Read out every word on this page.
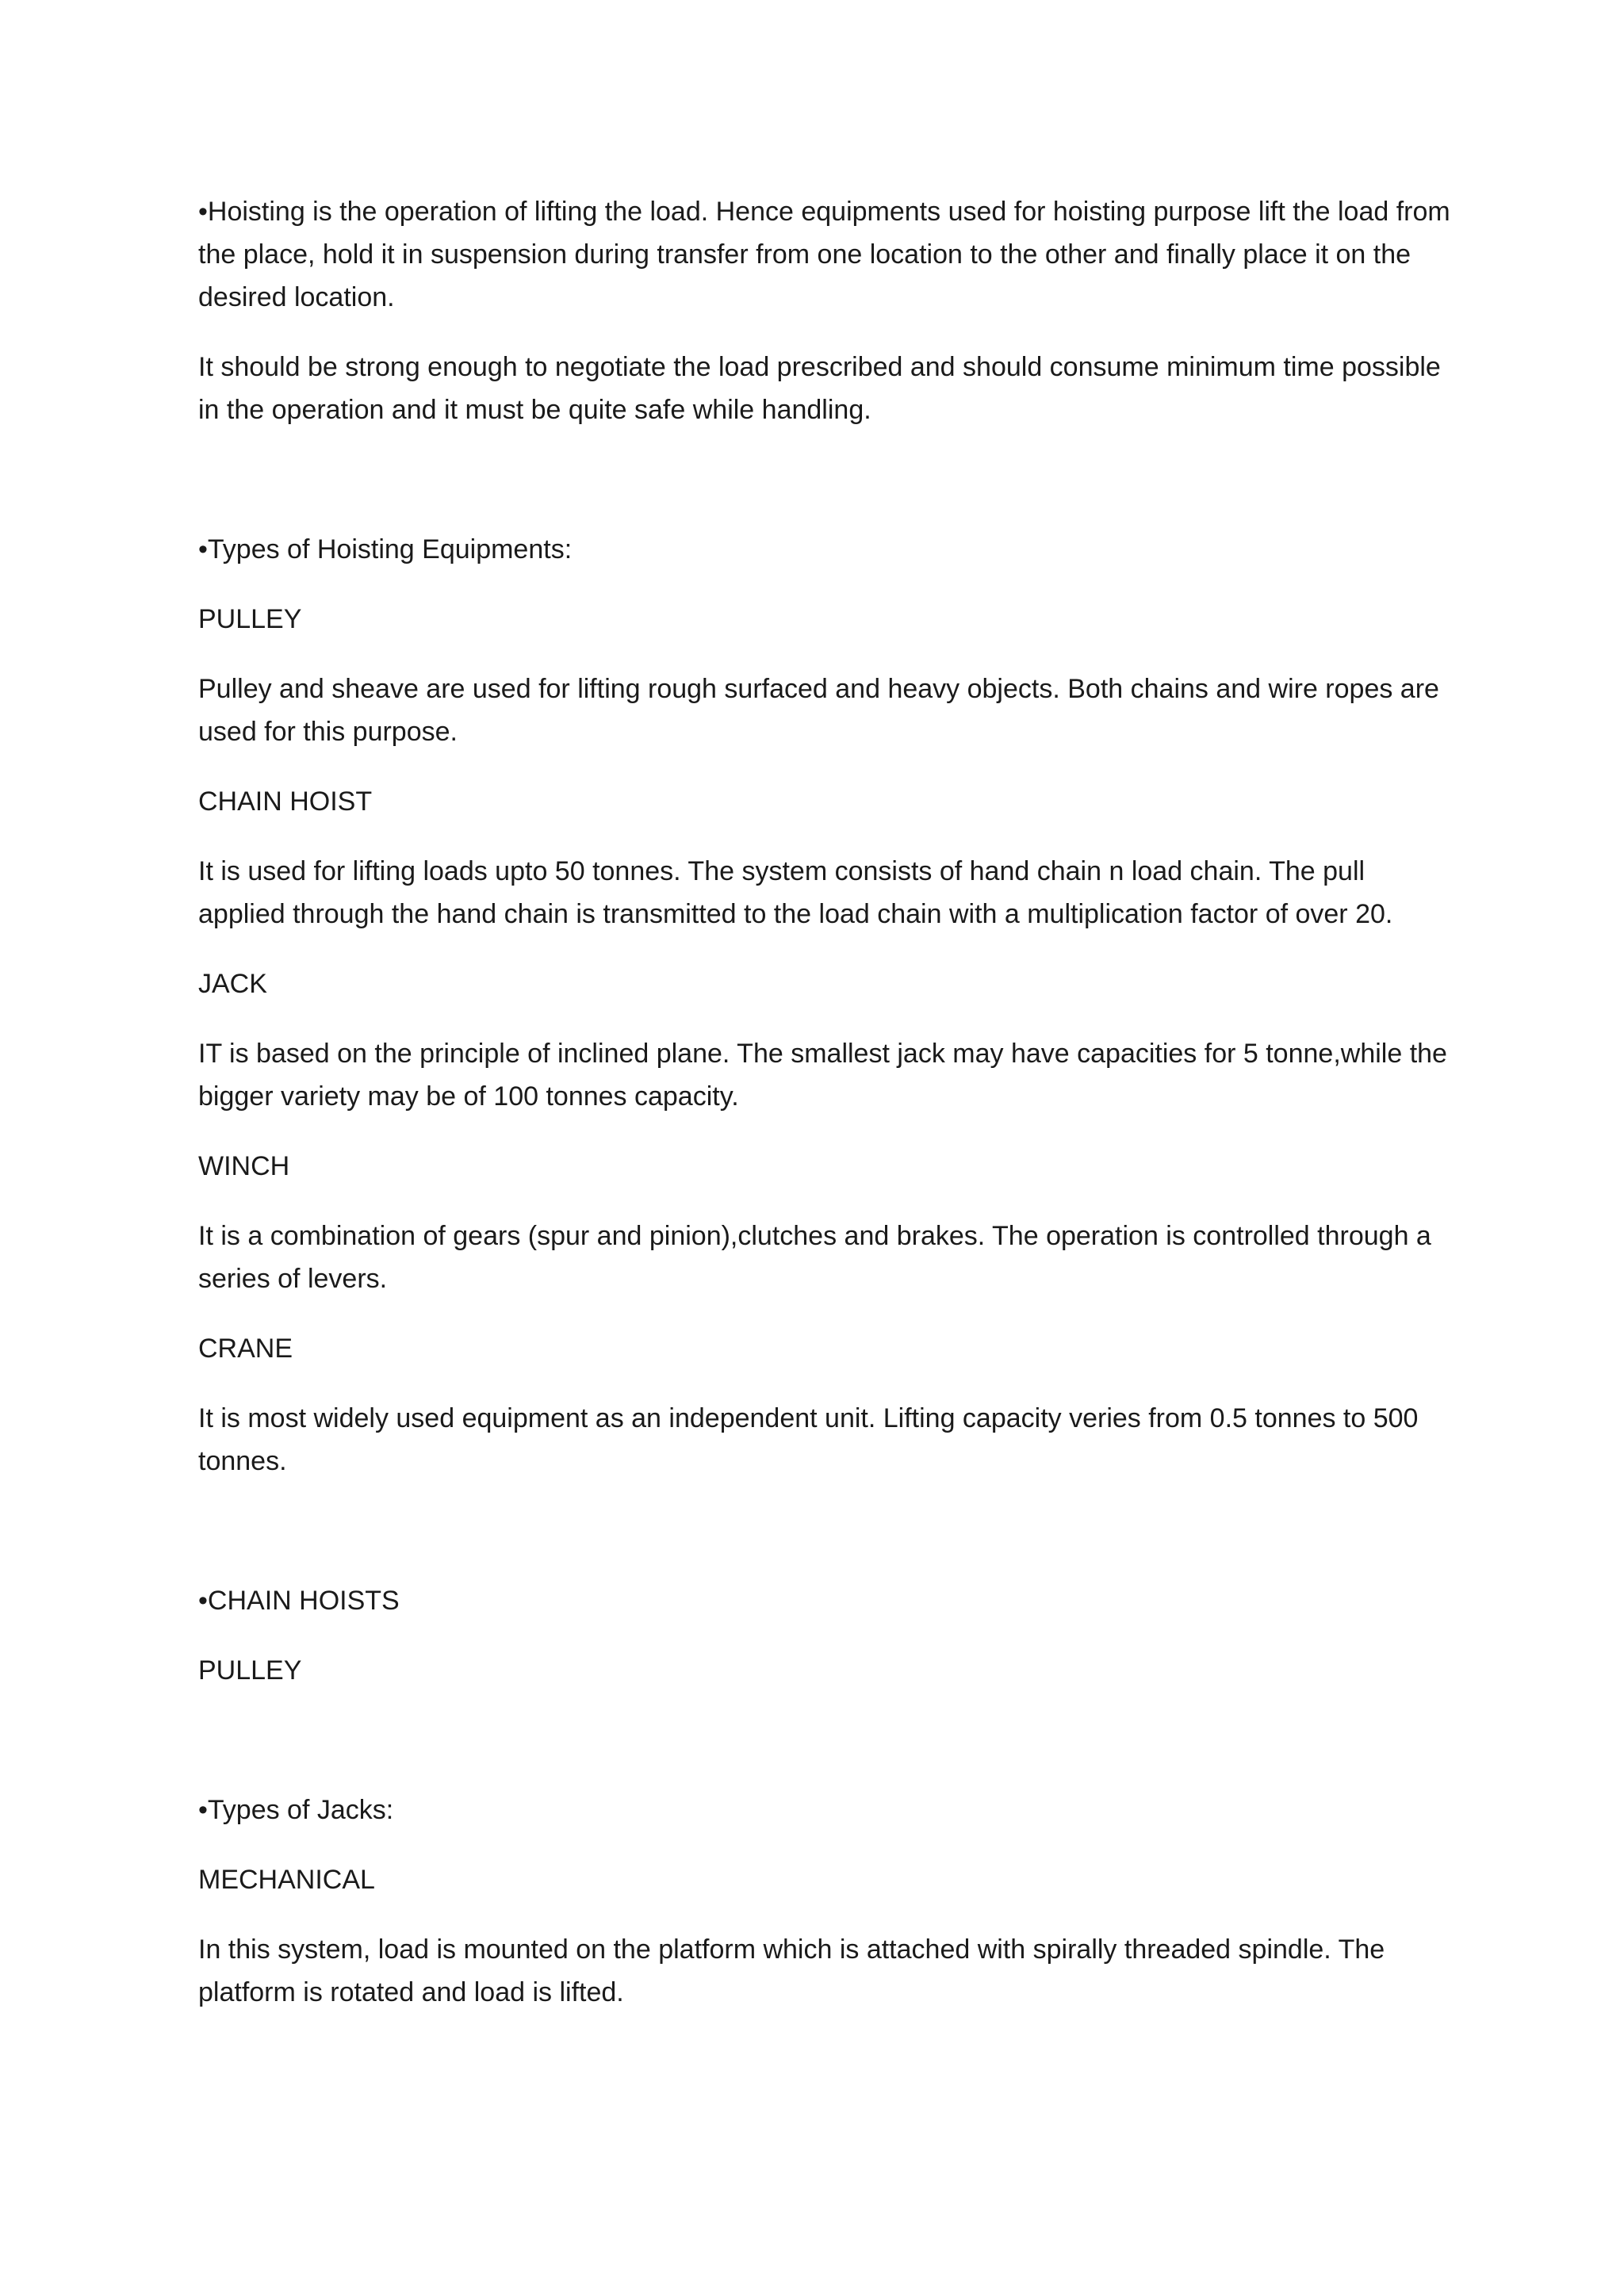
•Hoisting is the operation of lifting the load. Hence equipments used for hoisting purpose lift the load from the place, hold it in suspension during transfer from one location to the other and finally place it on the desired location.

It should be strong enough to negotiate the load prescribed and should consume minimum time possible in the operation and it must be quite safe while handling.

•Types of Hoisting Equipments:

PULLEY

Pulley and sheave are used for lifting rough surfaced and heavy objects. Both chains and wire ropes are used for this purpose.

CHAIN HOIST

It is used for lifting loads upto 50 tonnes. The system consists of hand chain n load chain. The pull applied through the hand chain is transmitted to the load chain with a multiplication factor of over 20.

JACK

IT is based on the principle of inclined plane. The smallest jack may have capacities for 5 tonne,while the bigger variety may be of 100 tonnes capacity.

WINCH

It is a combination of gears (spur and pinion),clutches and brakes. The operation is controlled through a series of levers.

CRANE

It is most widely used equipment as an independent unit. Lifting capacity veries from 0.5 tonnes to 500 tonnes.

•CHAIN HOISTS

PULLEY

•Types of Jacks:

MECHANICAL

In this system, load is mounted on the platform which is attached with spirally threaded spindle. The platform is rotated and load is lifted.
